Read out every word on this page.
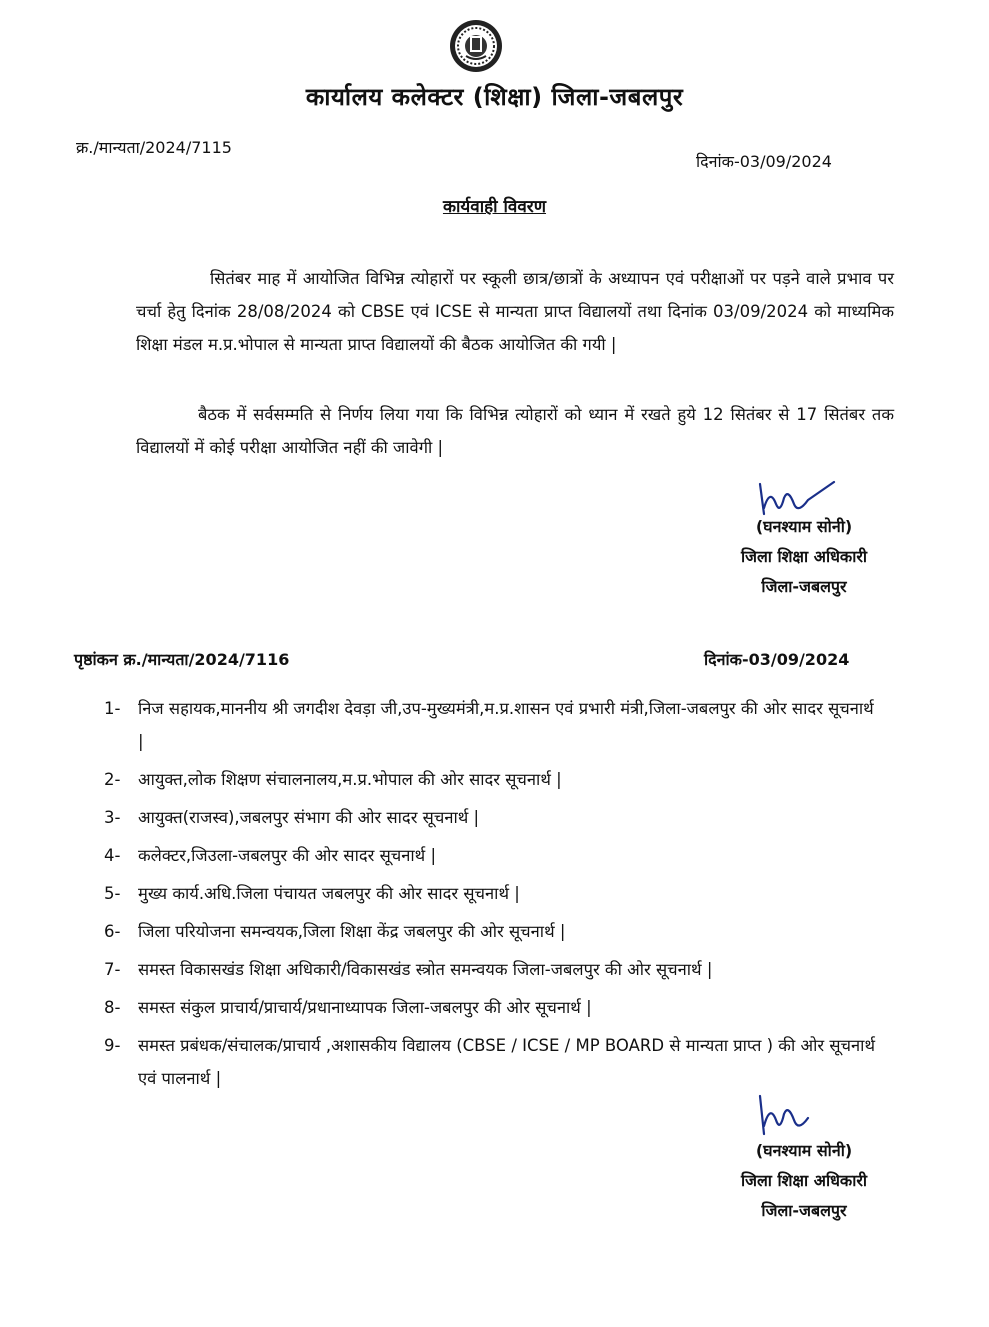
कार्यालय कलेक्टर (शिक्षा) जिला-जबलपुर
क्र./मान्यता/2024/7115
दिनांक-03/09/2024
कार्यवाही विवरण
सितंबर माह में आयोजित विभिन्न त्योहारों पर स्कूली छात्र/छात्रों के अध्यापन एवं परीक्षाओं पर पड़ने वाले प्रभाव पर चर्चा हेतु दिनांक 28/08/2024 को CBSE एवं ICSE से मान्यता प्राप्त विद्यालयों तथा दिनांक 03/09/2024 को माध्यमिक शिक्षा मंडल म.प्र.भोपाल से मान्यता प्राप्त विद्यालयों की बैठक आयोजित की गयी |
बैठक में सर्वसम्मति से निर्णय लिया गया कि विभिन्न त्योहारों को ध्यान में रखते हुये 12 सितंबर से 17 सितंबर तक विद्यालयों में कोई परीक्षा आयोजित नहीं की जावेगी |
(घनश्याम सोनी)
जिला शिक्षा अधिकारी
जिला-जबलपुर
पृष्ठांकन क्र./मान्यता/2024/7116	दिनांक-03/09/2024
1-	निज सहायक,माननीय श्री जगदीश देवड़ा जी,उप-मुख्यमंत्री,म.प्र.शासन एवं प्रभारी मंत्री,जिला-जबलपुर की ओर सादर सूचनार्थ |
2-	आयुक्त,लोक शिक्षण संचालनालय,म.प्र.भोपाल की ओर सादर सूचनार्थ |
3-	आयुक्त(राजस्व),जबलपुर संभाग की ओर सादर सूचनार्थ |
4-	कलेक्टर,जिउला-जबलपुर की ओर सादर सूचनार्थ |
5-	मुख्य कार्य.अधि.जिला पंचायत जबलपुर की ओर सादर सूचनार्थ |
6-	जिला परियोजना समन्वयक,जिला शिक्षा केंद्र जबलपुर की ओर सूचनार्थ |
7-	समस्त विकासखंड शिक्षा अधिकारी/विकासखंड स्त्रोत समन्वयक जिला-जबलपुर की ओर सूचनार्थ |
8-	समस्त संकुल प्राचार्य/प्राचार्य/प्रधानाध्यापक जिला-जबलपुर की ओर सूचनार्थ |
9-	समस्त प्रबंधक/संचालक/प्राचार्य ,अशासकीय विद्यालय (CBSE / ICSE / MP BOARD से मान्यता प्राप्त ) की ओर सूचनार्थ एवं पालनार्थ |
(घनश्याम सोनी)
जिला शिक्षा अधिकारी
जिला-जबलपुर
